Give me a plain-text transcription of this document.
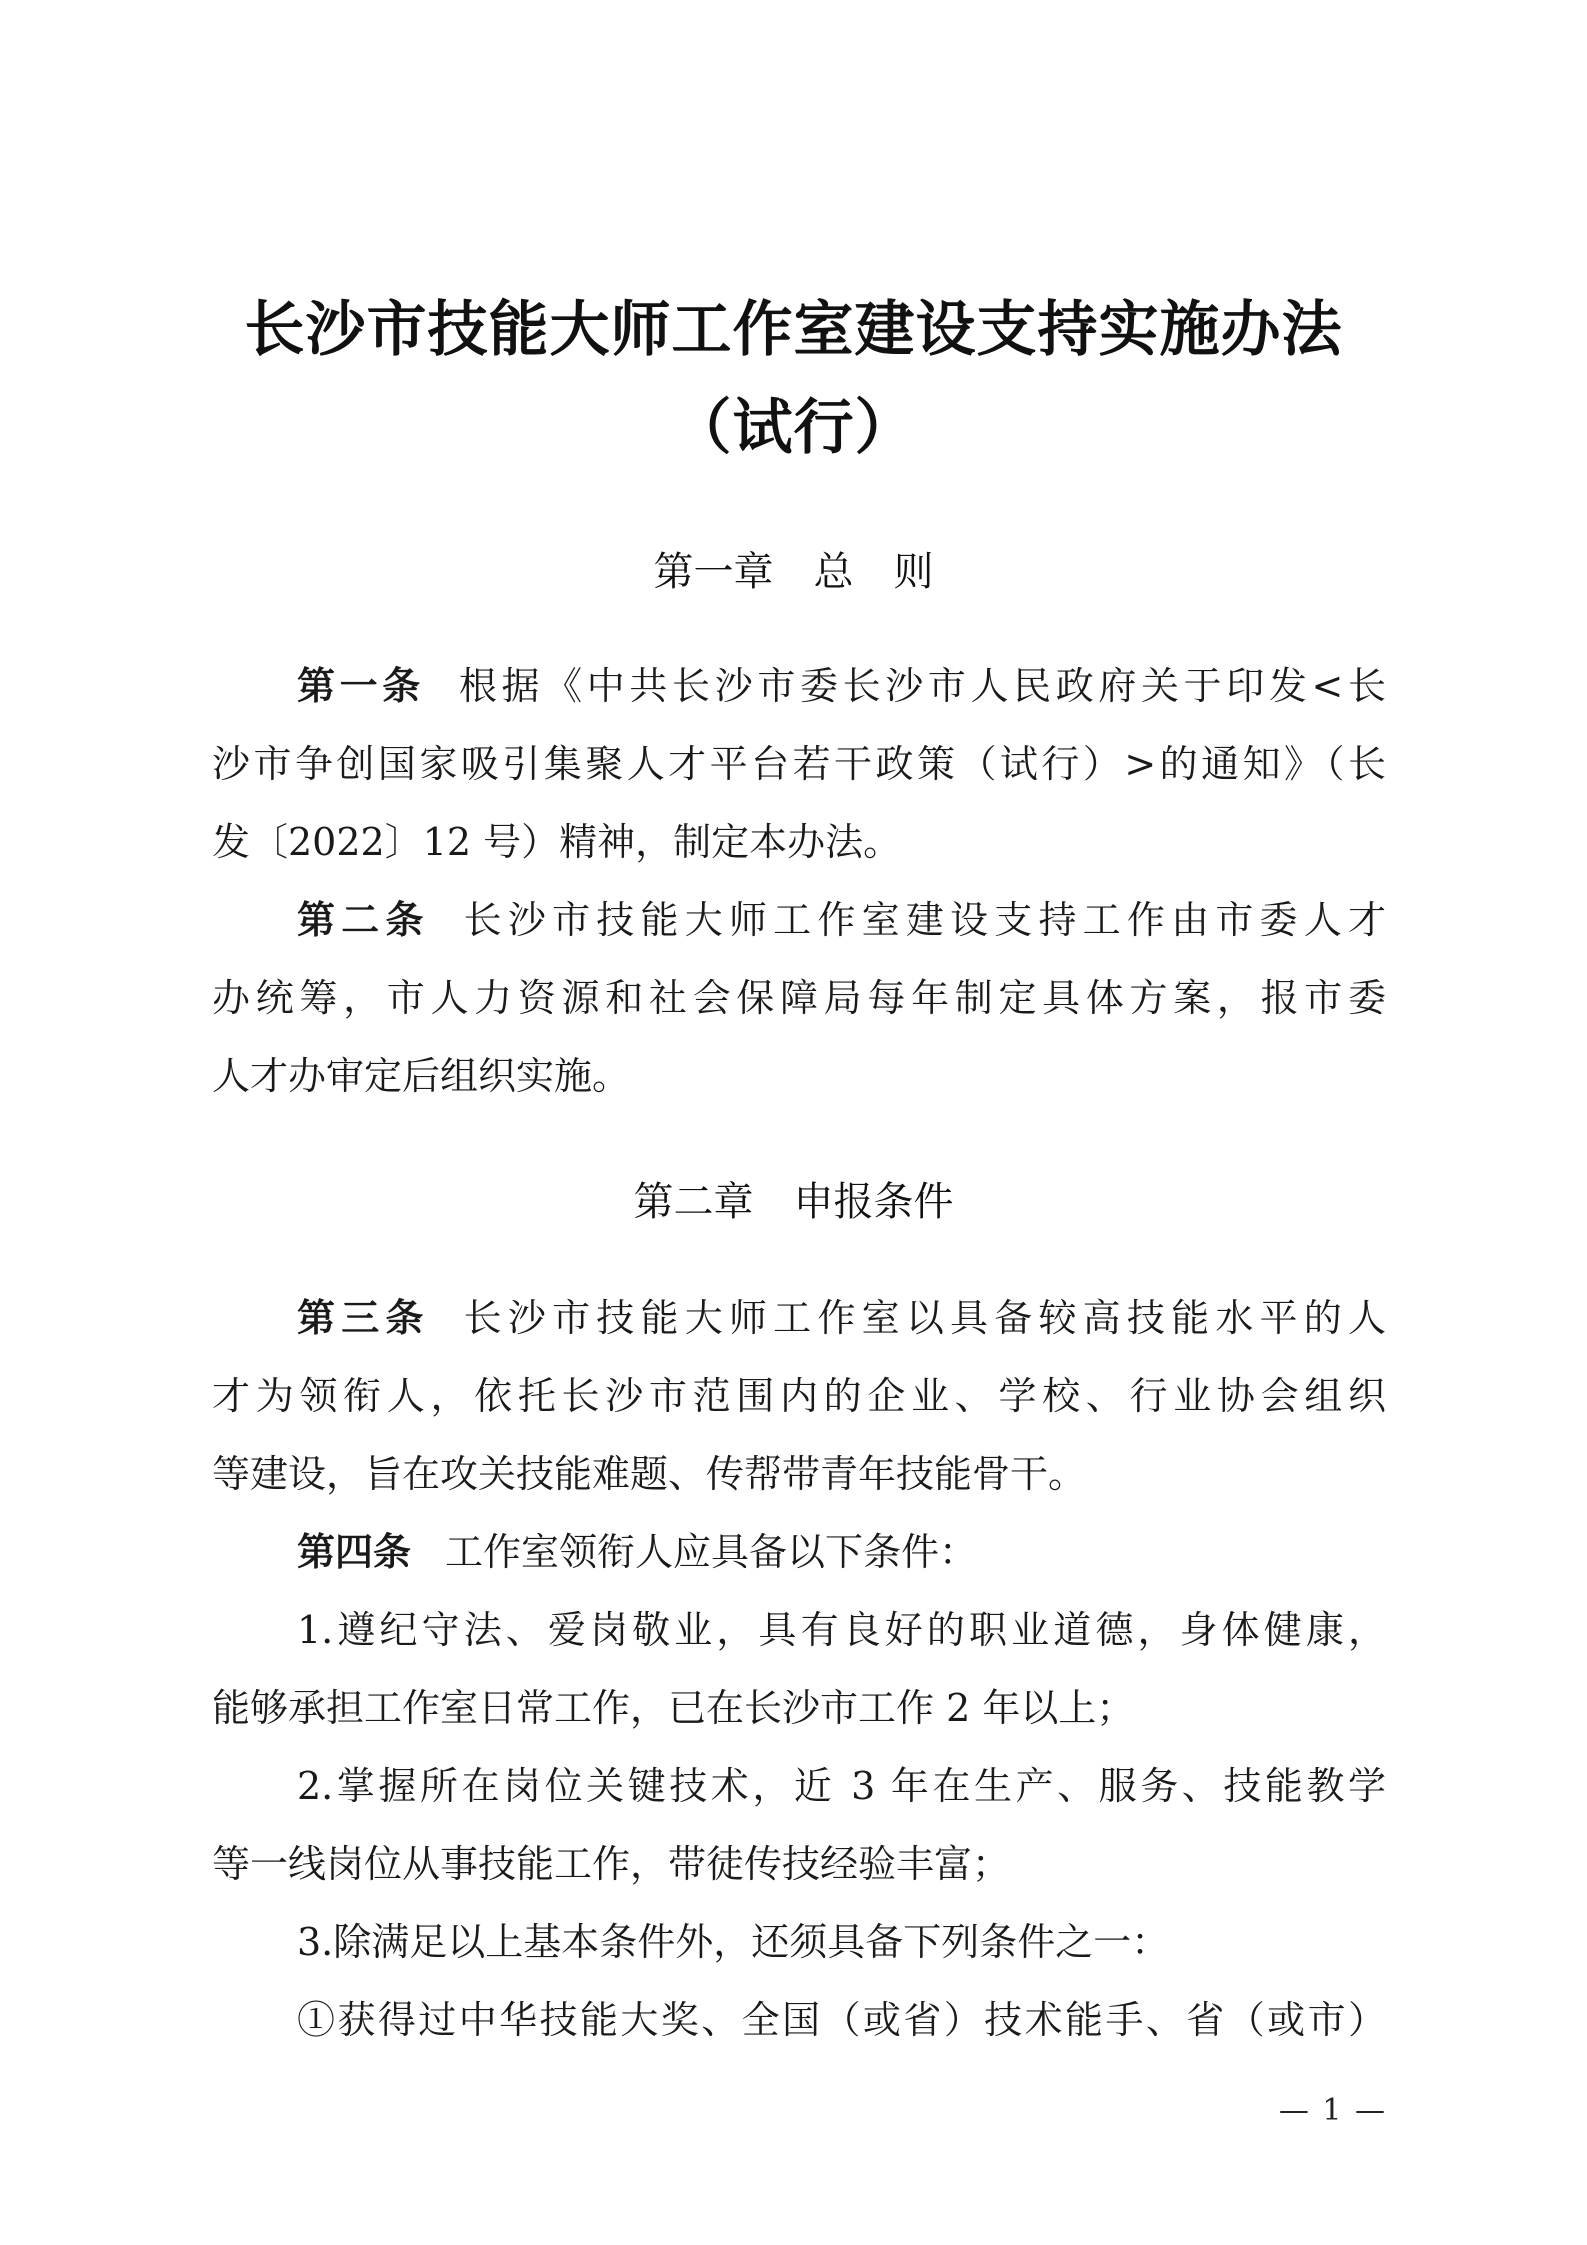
长沙市技能大师工作室建设支持实施办法
（试行）
第一章　总　则
第一条 根据《中共长沙市委长沙市人民政府关于印发<长
沙市争创国家吸引集聚人才平台若干政策（试行）>的通知》（长
发〔2022〕12 号）精神，制定本办法。
第二条 长沙市技能大师工作室建设支持工作由市委人才
办统筹，市人力资源和社会保障局每年制定具体方案，报市委
人才办审定后组织实施。
第二章　申报条件
第三条 长沙市技能大师工作室以具备较高技能水平的人
才为领衔人，依托长沙市范围内的企业、学校、行业协会组织
等建设，旨在攻关技能难题、传帮带青年技能骨干。
第四条 工作室领衔人应具备以下条件：
1.遵纪守法、爱岗敬业，具有良好的职业道德，身体健康，
能够承担工作室日常工作，已在长沙市工作 2 年以上；
2.掌握所在岗位关键技术，近 3 年在生产、服务、技能教学
等一线岗位从事技能工作，带徒传技经验丰富；
3.除满足以上基本条件外，还须具备下列条件之一：
①获得过中华技能大奖、全国（或省）技术能手、省（或市）
— 1 —
